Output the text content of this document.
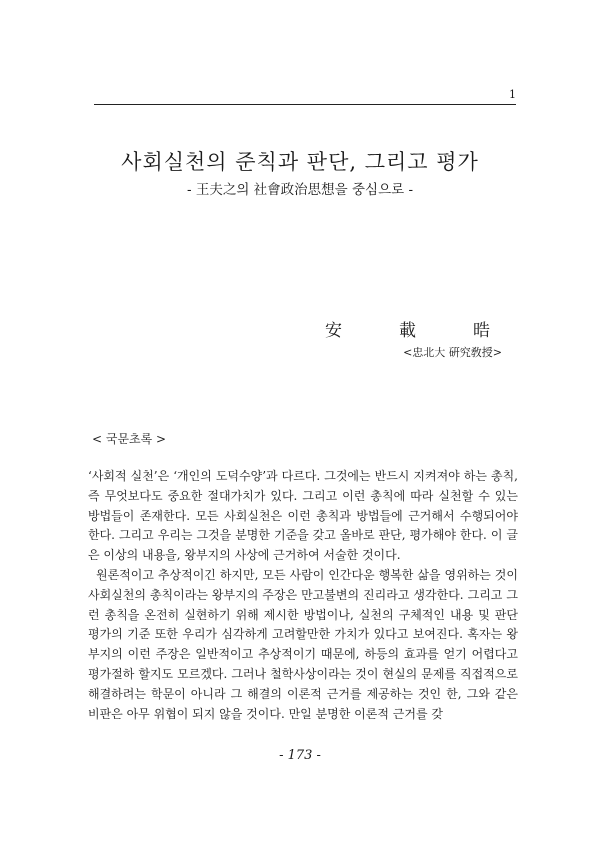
1
사회실천의 준칙과 판단, 그리고 평가
- 王夫之의 社會政治思想을 중심으로 -
安　載　晧
<忠北大 硏究敎授>
< 국문초록 >

‘사회적 실천’은 ‘개인의 도덕수양’과 다르다. 그것에는 반드시 지켜져야 하는 총칙, 즉 무엇보다도 중요한 절대가치가 있다. 그리고 이런 총칙에 따라 실천할 수 있는 방법들이 존재한다. 모든 사회실천은 이런 총칙과 방법들에 근거해서 수행되어야 한다. 그리고 우리는 그것을 분명한 기준을 갖고 올바로 판단, 평가해야 한다. 이 글은 이상의 내용을, 왕부지의 사상에 근거하여 서술한 것이다.

원론적이고 추상적이긴 하지만, 모든 사람이 인간다운 행복한 삶을 영위하는 것이 사회실천의 총칙이라는 왕부지의 주장은 만고불변의 진리라고 생각한다. 그리고 그런 총칙을 온전히 실현하기 위해 제시한 방법이나, 실천의 구체적인 내용 및 판단 평가의 기준 또한 우리가 심각하게 고려할만한 가치가 있다고 보여진다. 혹자는 왕부지의 이런 주장은 일반적이고 추상적이기 때문에, 하등의 효과를 얻기 어렵다고 평가절하 할지도 모르겠다. 그러나 철학사상이라는 것이 현실의 문제를 직접적으로 해결하려는 학문이 아니라 그 해결의 이론적 근거를 제공하는 것인 한, 그와 같은 비판은 아무 위협이 되지 않을 것이다. 만일 분명한 이론적 근거를 갖

- 173 -
